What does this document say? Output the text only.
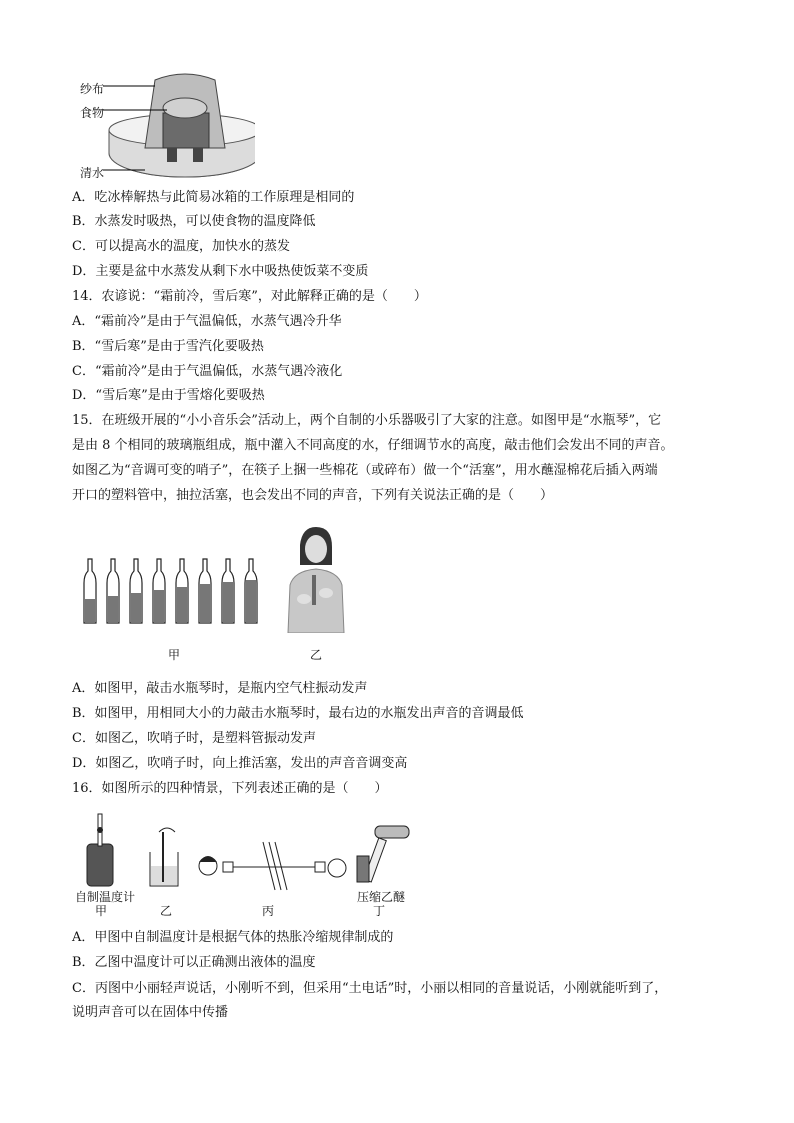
纱布
食物
清水
A．吃冰棒解热与此简易冰箱的工作原理是相同的
B．水蒸发时吸热，可以使食物的温度降低
C．可以提高水的温度，加快水的蒸发
D．主要是盆中水蒸发从剩下水中吸热使饭菜不变质
14．农谚说：“霜前冷，雪后寒”，对此解释正确的是（　　）
A．“霜前冷”是由于气温偏低，水蒸气遇冷升华
B．“雪后寒”是由于雪汽化要吸热
C．“霜前冷”是由于气温偏低，水蒸气遇冷液化
D．“雪后寒”是由于雪熔化要吸热
15．在班级开展的“小小音乐会”活动上，两个自制的小乐器吸引了大家的注意。如图甲是“水瓶琴”，它
是由 8 个相同的玻璃瓶组成，瓶中灌入不同高度的水，仔细调节水的高度，敲击他们会发出不同的声音。
如图乙为“音调可变的哨子”，在筷子上捆一些棉花（或碎布）做一个“活塞”，用水蘸湿棉花后插入两端
开口的塑料管中，抽拉活塞，也会发出不同的声音，下列有关说法正确的是（　　）
甲	乙
A．如图甲，敲击水瓶琴时，是瓶内空气柱振动发声
B．如图甲，用相同大小的力敲击水瓶琴时，最右边的水瓶发出声音的音调最低
C．如图乙，吹哨子时，是塑料管振动发声
D．如图乙，吹哨子时，向上推活塞，发出的声音音调变高
16．如图所示的四种情景，下列表述正确的是（　　）
自制温度计
甲	乙	丙
压缩乙醚
丁
A．甲图中自制温度计是根据气体的热胀冷缩规律制成的
B．乙图中温度计可以正确测出液体的温度
C．丙图中小丽轻声说话，小刚听不到，但采用“土电话”时，小丽以相同的音量说话，小刚就能听到了，
说明声音可以在固体中传播
